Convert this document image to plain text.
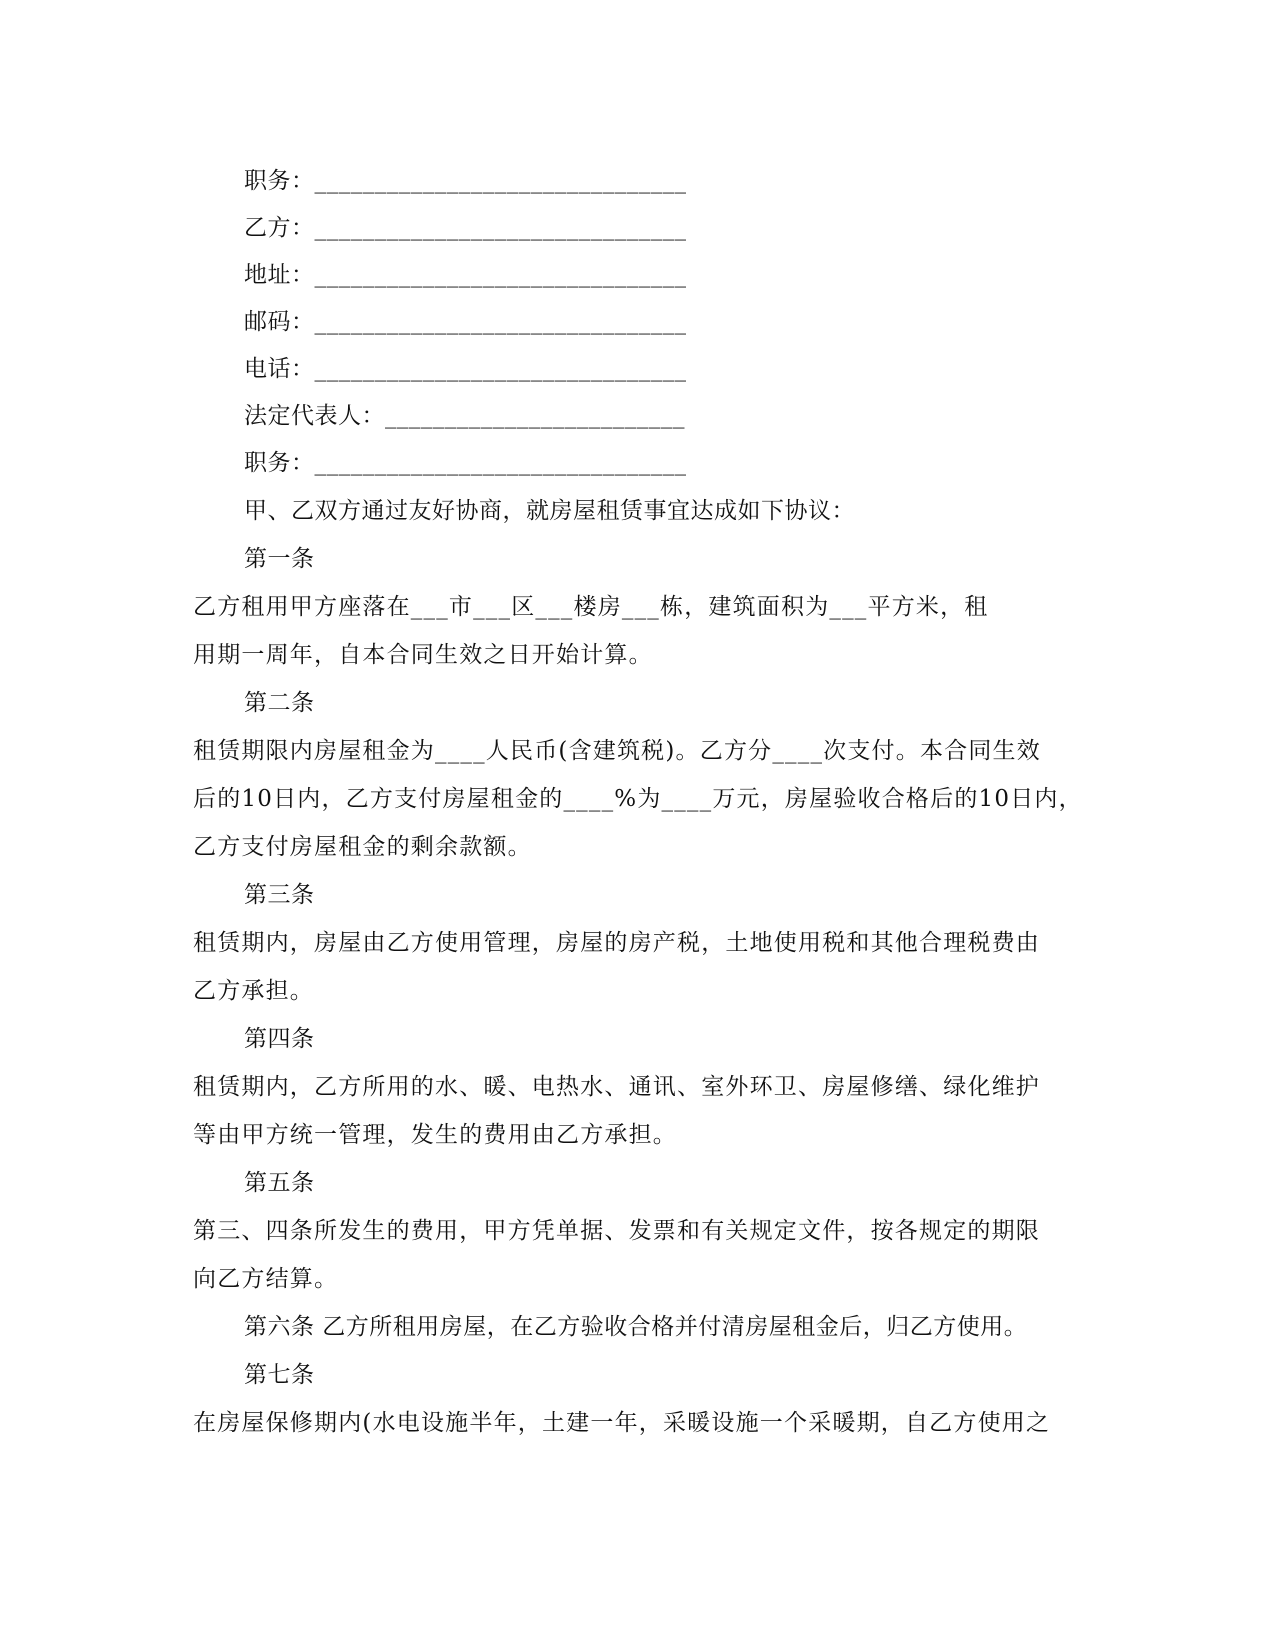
职务：_______________________________
乙方：_______________________________
地址：_______________________________
邮码：_______________________________
电话：_______________________________
法定代表人：_________________________
职务：_______________________________
甲、乙双方通过友好协商，就房屋租赁事宜达成如下协议：
第一条
乙方租用甲方座落在___市___区___楼房___栋，建筑面积为___平方米，租
用期一周年，自本合同生效之日开始计算。
第二条
租赁期限内房屋租金为____人民币(含建筑税)。乙方分____次支付。本合同生效
后的10日内，乙方支付房屋租金的____%为____万元，房屋验收合格后的10日内，
乙方支付房屋租金的剩余款额。
第三条
租赁期内，房屋由乙方使用管理，房屋的房产税，土地使用税和其他合理税费由
乙方承担。
第四条
租赁期内，乙方所用的水、暖、电热水、通讯、室外环卫、房屋修缮、绿化维护
等由甲方统一管理，发生的费用由乙方承担。
第五条
第三、四条所发生的费用，甲方凭单据、发票和有关规定文件，按各规定的期限
向乙方结算。
第六条 乙方所租用房屋，在乙方验收合格并付清房屋租金后，归乙方使用。
第七条
在房屋保修期内(水电设施半年，土建一年，采暖设施一个采暖期，自乙方使用之
